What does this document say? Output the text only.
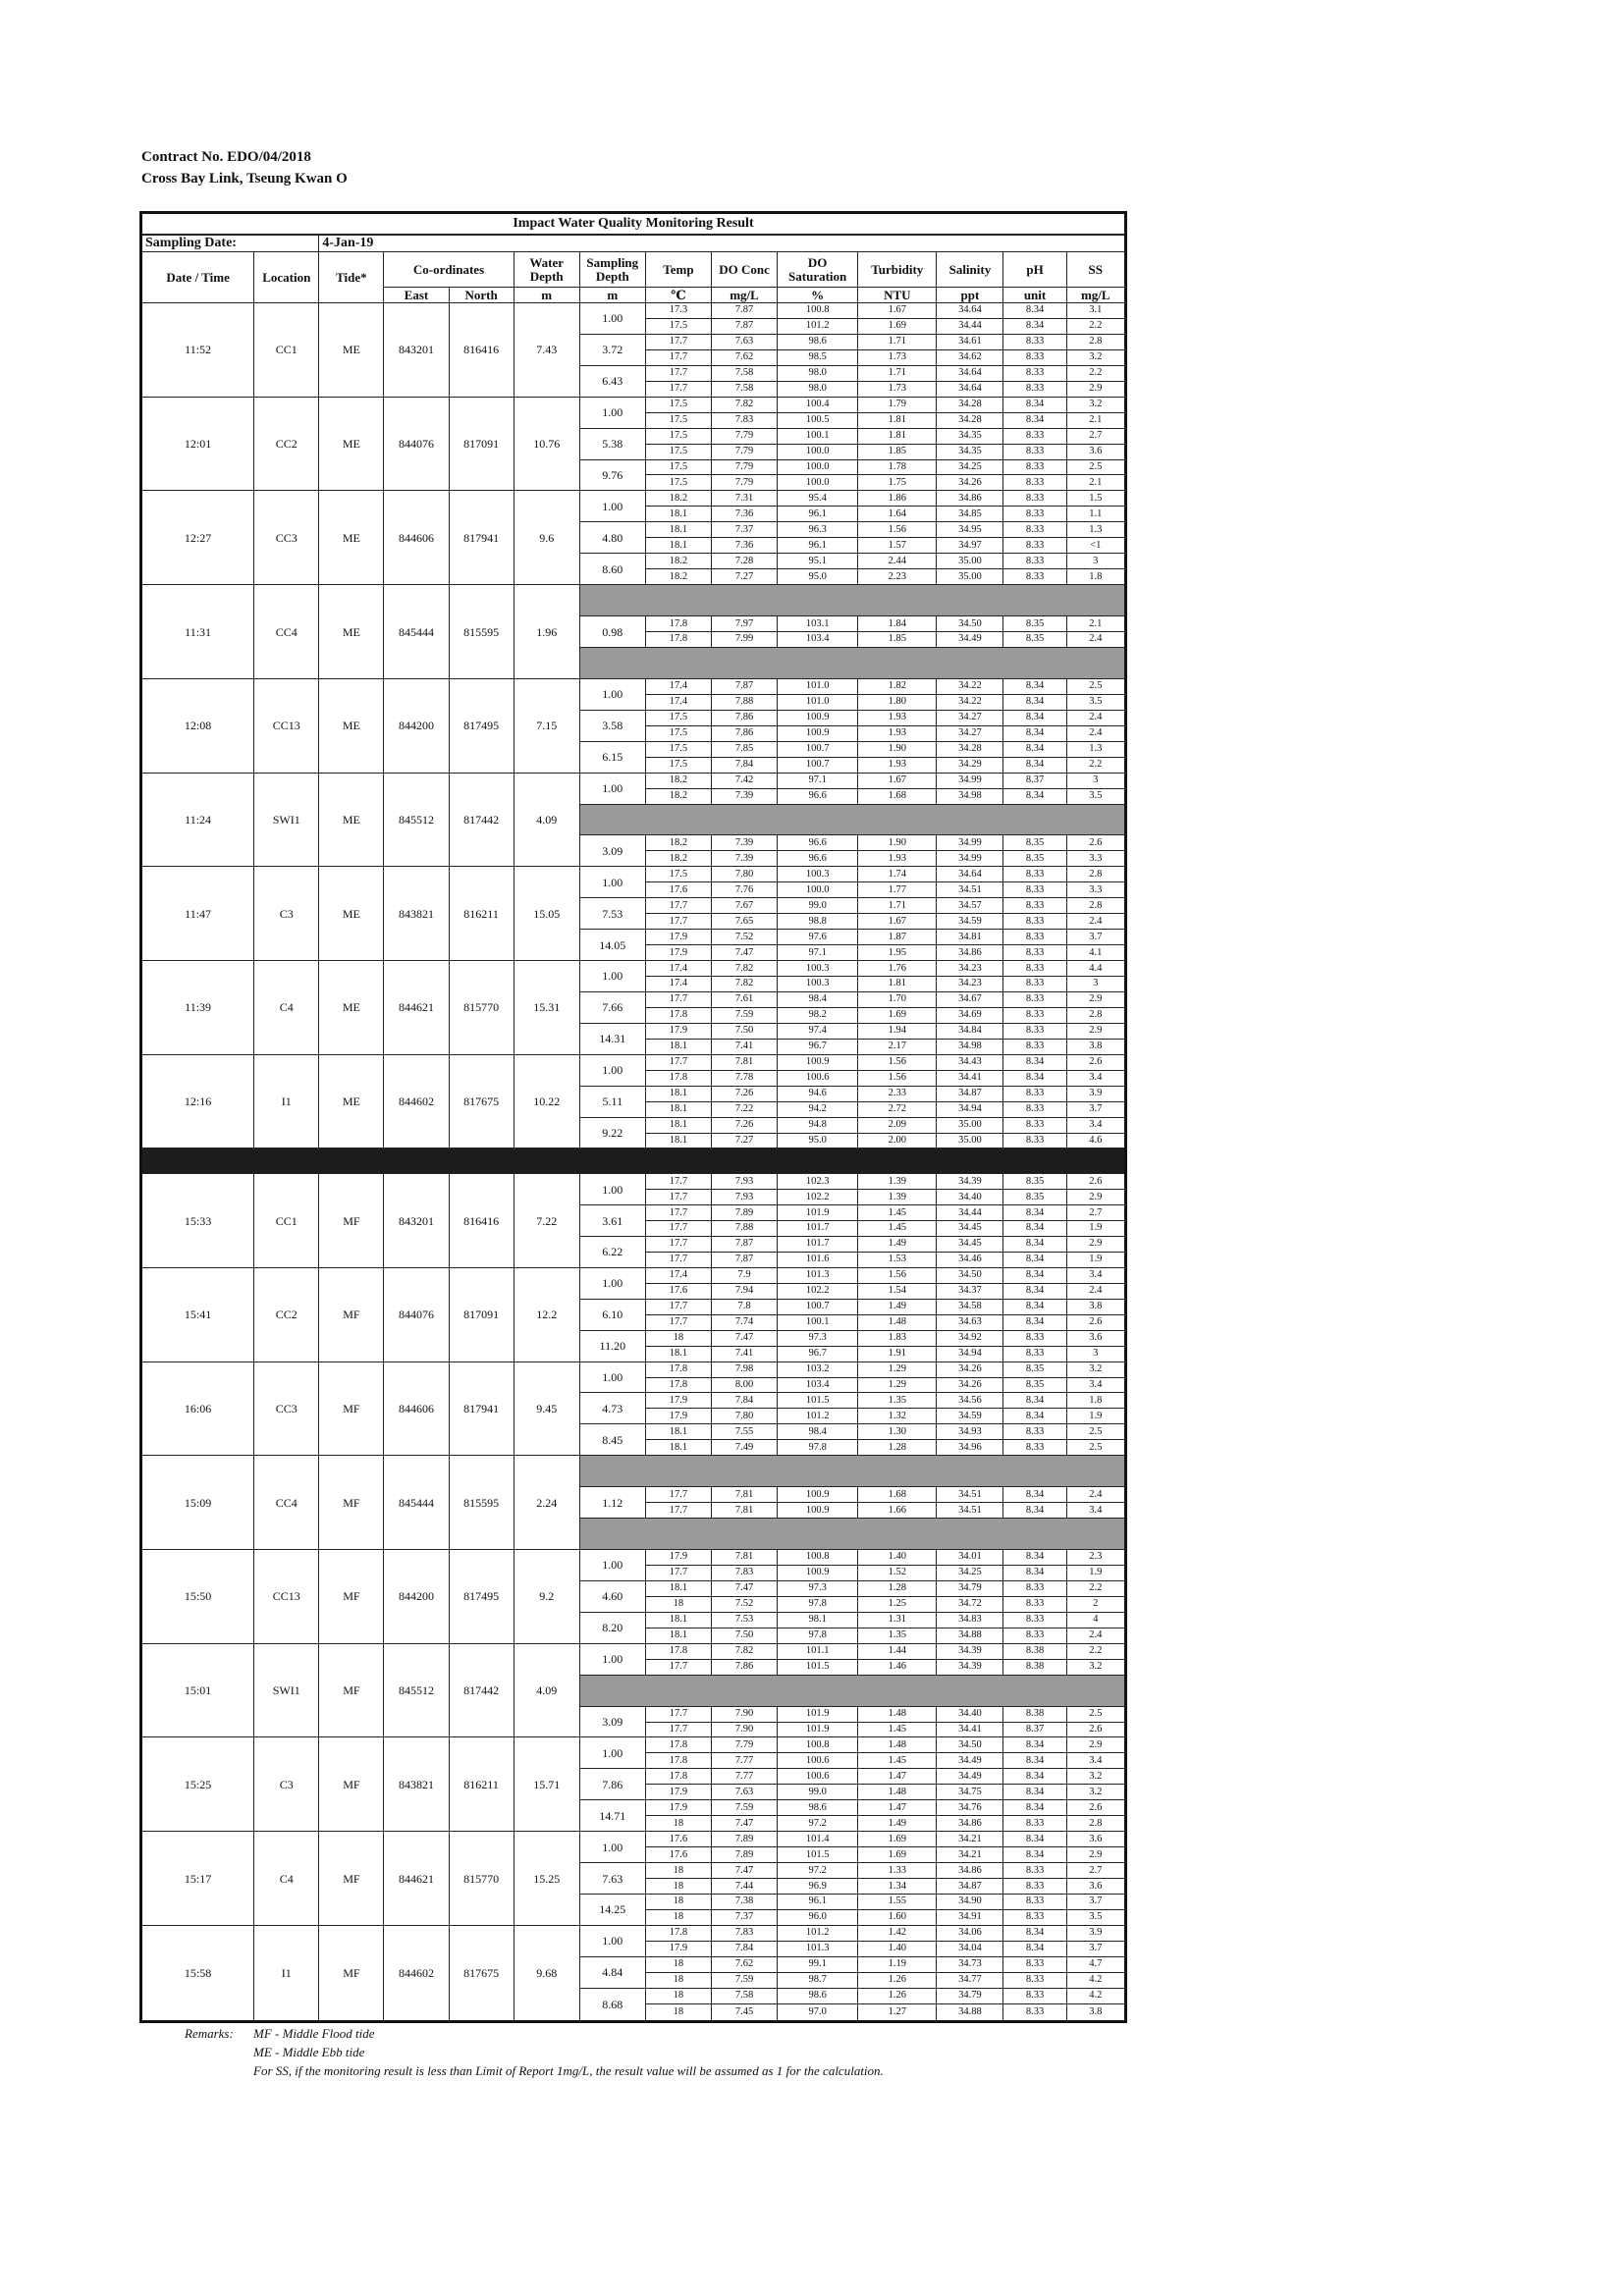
Contract No. EDO/04/2018
Cross Bay Link, Tseung Kwan O
Impact Water Quality Monitoring Result													
Sampling Date:		4-Jan-19											
Date / Time	Location	Tide*	Co-ordinates		Water Depth	Sampling Depth	Temp	DO Conc	DO Saturation	Turbidity	Salinity	pH	SS
			East	North	m	m	℃	mg/L	%	NTU	ppt	unit	mg/L
11:52	CC1	ME	843201	816416	7.43	1.00	17.3	7.87	100.8	1.67	34.64	8.34	3.1
							17.5	7.87	101.2	1.69	34.44	8.34	2.2
						3.72	17.7	7.63	98.6	1.71	34.61	8.33	2.8
							17.7	7.62	98.5	1.73	34.62	8.33	3.2
						6.43	17.7	7.58	98.0	1.71	34.64	8.33	2.2
							17.7	7.58	98.0	1.73	34.64	8.33	2.9
12:01	CC2	ME	844076	817091	10.76	1.00	17.5	7.82	100.4	1.79	34.28	8.34	3.2
							17.5	7.83	100.5	1.81	34.28	8.34	2.1
						5.38	17.5	7.79	100.1	1.81	34.35	8.33	2.7
							17.5	7.79	100.0	1.85	34.35	8.33	3.6
						9.76	17.5	7.79	100.0	1.78	34.25	8.33	2.5
							17.5	7.79	100.0	1.75	34.26	8.33	2.1
12:27	CC3	ME	844606	817941	9.6	1.00	18.2	7.31	95.4	1.86	34.86	8.33	1.5
							18.1	7.36	96.1	1.64	34.85	8.33	1.1
						4.80	18.1	7.37	96.3	1.56	34.95	8.33	1.3
							18.1	7.36	96.1	1.57	34.97	8.33	<1
						8.60	18.2	7.28	95.1	2.44	35.00	8.33	3
							18.2	7.27	95.0	2.23	35.00	8.33	1.8
11:31	CC4	ME	845444	815595	1.96								

						0.98	17.8	7.97	103.1	1.84	34.50	8.35	2.1
							17.8	7.99	103.4	1.85	34.49	8.35	2.4

12:08	CC13	ME	844200	817495	7.15	1.00	17.4	7.87	101.0	1.82	34.22	8.34	2.5
							17.4	7.88	101.0	1.80	34.22	8.34	3.5
						3.58	17.5	7.86	100.9	1.93	34.27	8.34	2.4
							17.5	7.86	100.9	1.93	34.27	8.34	2.4
						6.15	17.5	7.85	100.7	1.90	34.28	8.34	1.3
							17.5	7.84	100.7	1.93	34.29	8.34	2.2
11:24	SWI1	ME	845512	817442	4.09	1.00	18.2	7.42	97.1	1.67	34.99	8.37	3
							18.2	7.39	96.6	1.68	34.98	8.34	3.5

						3.09	18.2	7.39	96.6	1.90	34.99	8.35	2.6
							18.2	7.39	96.6	1.93	34.99	8.35	3.3
11:47	C3	ME	843821	816211	15.05	1.00	17.5	7.80	100.3	1.74	34.64	8.33	2.8
							17.6	7.76	100.0	1.77	34.51	8.33	3.3
						7.53	17.7	7.67	99.0	1.71	34.57	8.33	2.8
							17.7	7.65	98.8	1.67	34.59	8.33	2.4
						14.05	17.9	7.52	97.6	1.87	34.81	8.33	3.7
							17.9	7.47	97.1	1.95	34.86	8.33	4.1
11:39	C4	ME	844621	815770	15.31	1.00	17.4	7.82	100.3	1.76	34.23	8.33	4.4
							17.4	7.82	100.3	1.81	34.23	8.33	3
						7.66	17.7	7.61	98.4	1.70	34.67	8.33	2.9
							17.8	7.59	98.2	1.69	34.69	8.33	2.8
						14.31	17.9	7.50	97.4	1.94	34.84	8.33	2.9
							18.1	7.41	96.7	2.17	34.98	8.33	3.8
12:16	I1	ME	844602	817675	10.22	1.00	17.7	7.81	100.9	1.56	34.43	8.34	2.6
							17.8	7.78	100.6	1.56	34.41	8.34	3.4
						5.11	18.1	7.26	94.6	2.33	34.87	8.33	3.9
							18.1	7.22	94.2	2.72	34.94	8.33	3.7
						9.22	18.1	7.26	94.8	2.09	35.00	8.33	3.4
							18.1	7.27	95.0	2.00	35.00	8.33	4.6

15:33	CC1	MF	843201	816416	7.22	1.00	17.7	7.93	102.3	1.39	34.39	8.35	2.6
							17.7	7.93	102.2	1.39	34.40	8.35	2.9
						3.61	17.7	7.89	101.9	1.45	34.44	8.34	2.7
							17.7	7.88	101.7	1.45	34.45	8.34	1.9
						6.22	17.7	7.87	101.7	1.49	34.45	8.34	2.9
							17.7	7.87	101.6	1.53	34.46	8.34	1.9
15:41	CC2	MF	844076	817091	12.2	1.00	17.4	7.9	101.3	1.56	34.50	8.34	3.4
							17.6	7.94	102.2	1.54	34.37	8.34	2.4
						6.10	17.7	7.8	100.7	1.49	34.58	8.34	3.8
							17.7	7.74	100.1	1.48	34.63	8.34	2.6
						11.20	18	7.47	97.3	1.83	34.92	8.33	3.6
							18.1	7.41	96.7	1.91	34.94	8.33	3
16:06	CC3	MF	844606	817941	9.45	1.00	17.8	7.98	103.2	1.29	34.26	8.35	3.2
							17.8	8.00	103.4	1.29	34.26	8.35	3.4
						4.73	17.9	7.84	101.5	1.35	34.56	8.34	1.8
							17.9	7.80	101.2	1.32	34.59	8.34	1.9
						8.45	18.1	7.55	98.4	1.30	34.93	8.33	2.5
							18.1	7.49	97.8	1.28	34.96	8.33	2.5
15:09	CC4	MF	845444	815595	2.24								

						1.12	17.7	7.81	100.9	1.68	34.51	8.34	2.4
							17.7	7.81	100.9	1.66	34.51	8.34	3.4

15:50	CC13	MF	844200	817495	9.2	1.00	17.9	7.81	100.8	1.40	34.01	8.34	2.3
							17.7	7.83	100.9	1.52	34.25	8.34	1.9
						4.60	18.1	7.47	97.3	1.28	34.79	8.33	2.2
							18	7.52	97.8	1.25	34.72	8.33	2
						8.20	18.1	7.53	98.1	1.31	34.83	8.33	4
							18.1	7.50	97.8	1.35	34.88	8.33	2.4
15:01	SWI1	MF	845512	817442	4.09	1.00	17.8	7.82	101.1	1.44	34.39	8.38	2.2
							17.7	7.86	101.5	1.46	34.39	8.38	3.2

						3.09	17.7	7.90	101.9	1.48	34.40	8.38	2.5
							17.7	7.90	101.9	1.45	34.41	8.37	2.6
15:25	C3	MF	843821	816211	15.71	1.00	17.8	7.79	100.8	1.48	34.50	8.34	2.9
							17.8	7.77	100.6	1.45	34.49	8.34	3.4
						7.86	17.8	7.77	100.6	1.47	34.49	8.34	3.2
							17.9	7.63	99.0	1.48	34.75	8.34	3.2
						14.71	17.9	7.59	98.6	1.47	34.76	8.34	2.6
							18	7.47	97.2	1.49	34.86	8.33	2.8
15:17	C4	MF	844621	815770	15.25	1.00	17.6	7.89	101.4	1.69	34.21	8.34	3.6
							17.6	7.89	101.5	1.69	34.21	8.34	2.9
						7.63	18	7.47	97.2	1.33	34.86	8.33	2.7
							18	7.44	96.9	1.34	34.87	8.33	3.6
						14.25	18	7.38	96.1	1.55	34.90	8.33	3.7
							18	7.37	96.0	1.60	34.91	8.33	3.5
15:58	I1	MF	844602	817675	9.68	1.00	17.8	7.83	101.2	1.42	34.06	8.34	3.9
							17.9	7.84	101.3	1.40	34.04	8.34	3.7
						4.84	18	7.62	99.1	1.19	34.73	8.33	4.7
							18	7.59	98.7	1.26	34.77	8.33	4.2
						8.68	18	7.58	98.6	1.26	34.79	8.33	4.2
							18	7.45	97.0	1.27	34.88	8.33	3.8
Remarks: MF - Middle Flood tide
ME - Middle Ebb tide
For SS, if the monitoring result is less than Limit of Report 1mg/L, the result value will be assumed as 1 for the calculation.
